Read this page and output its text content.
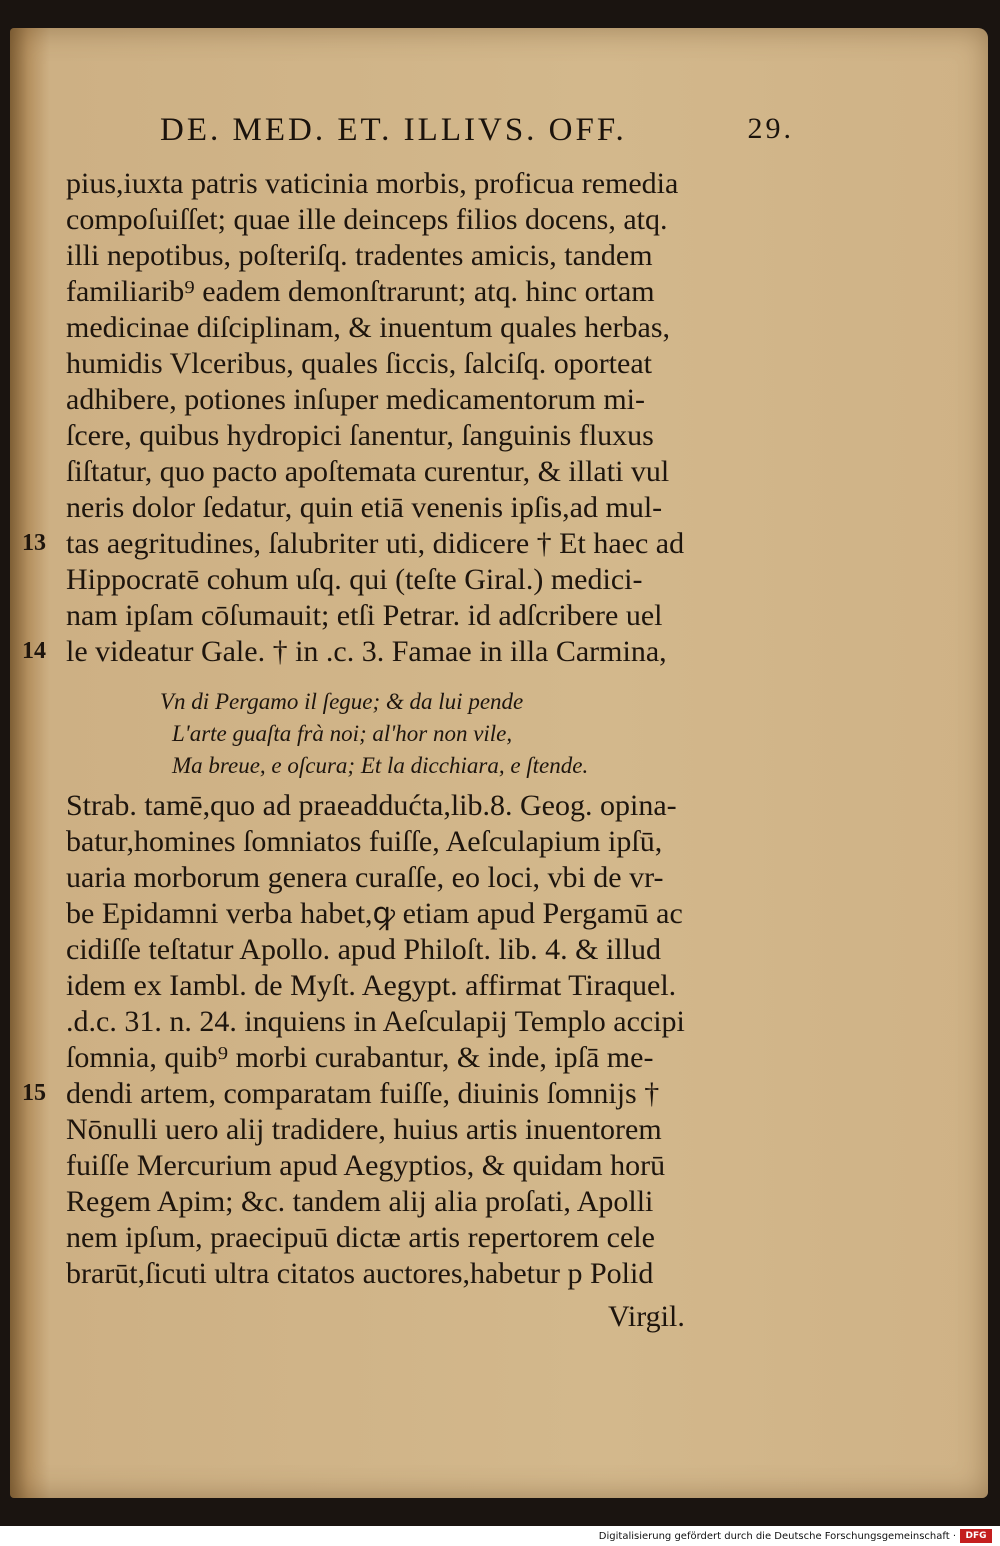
DE. MED. ET. ILLIVS. OFF.	29.
pius,iuxta patris vaticinia morbis, proficua remedia
compoſuiſſet; quae ille deinceps filios docens, atq.
illi nepotibus, poſteriſq. tradentes amicis, tandem
familiarib⁹ eadem demonſtrarunt; atq. hinc ortam
medicinae diſciplinam, & inuentum quales herbas,
humidis Vlceribus, quales ſiccis, ſalciſq. oporteat
adhibere, potiones inſuper medicamentorum mi-
ſcere, quibus hydropici ſanentur, ſanguinis fluxus
ſiſtatur, quo pacto apoſtemata curentur, & illati vul
neris dolor ſedatur, quin etiā venenis ipſis,ad mul-
tas aegritudines, ſalubriter uti, didicere † Et haec ad
Hippocratē cohum uſq. qui (teſte Giral.) medici-
nam ipſam cōſumauit; etſi Petrar. id adſcribere uel
le videatur Gale. † in .c. 3. Famae in illa Carmina,
Vn di Pergamo il ſegue; & da lui pende
L'arte guaſta frà noi; al'hor non vile,
Ma breue, e oſcura; Et la dicchiara, e ſtende.
Strab. tamē,quo ad praeaddućta,lib.8. Geog. opina-
batur,homines ſomniatos fuiſſe, Aeſculapium ipſū,
uaria morborum genera curaſſe, eo loci, vbi de vr-
be Epidamni verba habet,ꝙ etiam apud Pergamū ac
cidiſſe teſtatur Apollo. apud Philoſt. lib. 4. & illud
idem ex Iambl. de Myſt. Aegypt. affirmat Tiraquel.
.d.c. 31. n. 24. inquiens in Aeſculapij Templo accipi
ſomnia, quib⁹ morbi curabantur, & inde, ipſā me-
dendi artem, comparatam fuiſſe, diuinis ſomnijs †
Nōnulli uero alij tradidere, huius artis inuentorem
fuiſſe Mercurium apud Aegyptios, & quidam horū
Regem Apim; &c. tandem alij alia proſati, Apolli
nem ipſum, praecipuū dictæ artis repertorem cele
brarūt,ſicuti ultra citatos auctores,habetur p Polid
Virgil.
13
14
15
Digitalisierung gefördert durch die Deutsche Forschungsgemeinschaft ·	DFG
